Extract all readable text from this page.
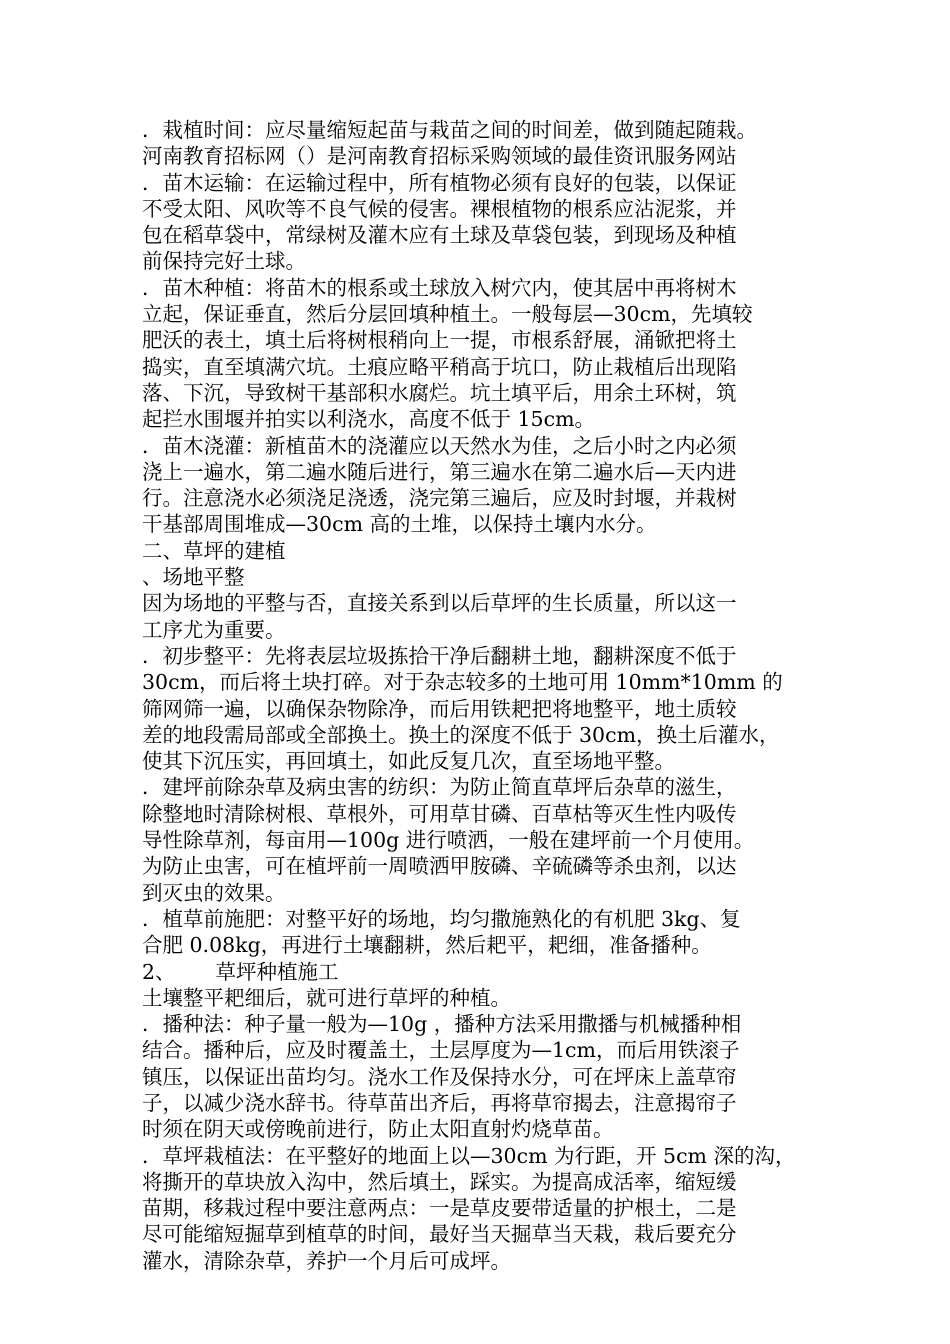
．栽植时间：应尽量缩短起苗与栽苗之间的时间差，做到随起随栽。
河南教育招标网（）是河南教育招标采购领域的最佳资讯服务网站
．苗木运输：在运输过程中，所有植物必须有良好的包装，以保证
不受太阳、风吹等不良气候的侵害。裸根植物的根系应沾泥浆，并
包在稻草袋中，常绿树及灌木应有土球及草袋包装，到现场及种植
前保持完好土球。
．苗木种植：将苗木的根系或土球放入树穴内，使其居中再将树木
立起，保证垂直，然后分层回填种植土。一般每层—30cm，先填较
肥沃的表土，填土后将树根稍向上一提，市根系舒展，涌锨把将土
捣实，直至填满穴坑。土痕应略平稍高于坑口，防止栽植后出现陷
落、下沉，导致树干基部积水腐烂。坑土填平后，用余土环树，筑
起拦水围堰并拍实以利浇水，高度不低于 15cm。
．苗木浇灌：新植苗木的浇灌应以天然水为佳，之后小时之内必须
浇上一遍水，第二遍水随后进行，第三遍水在第二遍水后—天内进
行。注意浇水必须浇足浇透，浇完第三遍后，应及时封堰，并栽树
干基部周围堆成—30cm 高的土堆，以保持土壤内水分。
二、草坪的建植
、场地平整
因为场地的平整与否，直接关系到以后草坪的生长质量，所以这一
工序尤为重要。
．初步整平：先将表层垃圾拣拾干净后翻耕土地，翻耕深度不低于
30cm，而后将土块打碎。对于杂志较多的土地可用 10mm*10mm 的
筛网筛一遍，以确保杂物除净，而后用铁耙把将地整平，地土质较
差的地段需局部或全部换土。换土的深度不低于 30cm，换土后灌水，
使其下沉压实，再回填土，如此反复几次，直至场地平整。
．建坪前除杂草及病虫害的纺织：为防止简直草坪后杂草的滋生，
除整地时清除树根、草根外，可用草甘磷、百草枯等灭生性内吸传
导性除草剂，每亩用—100g 进行喷洒，一般在建坪前一个月使用。
为防止虫害，可在植坪前一周喷洒甲胺磷、辛硫磷等杀虫剂，以达
到灭虫的效果。
．植草前施肥：对整平好的场地，均匀撒施熟化的有机肥 3kg、复
合肥 0.08kg，再进行土壤翻耕，然后耙平，耙细，准备播种。
2、 草坪种植施工
土壤整平耙细后，就可进行草坪的种植。
．播种法：种子量一般为—10g ，播种方法采用撒播与机械播种相
结合。播种后，应及时覆盖土，土层厚度为—1cm，而后用铁滚子
镇压，以保证出苗均匀。浇水工作及保持水分，可在坪床上盖草帘
子，以减少浇水辞书。待草苗出齐后，再将草帘揭去，注意揭帘子
时须在阴天或傍晚前进行，防止太阳直射灼烧草苗。
．草坪栽植法：在平整好的地面上以—30cm 为行距，开 5cm 深的沟，
将撕开的草块放入沟中，然后填土，踩实。为提高成活率，缩短缓
苗期，移栽过程中要注意两点：一是草皮要带适量的护根土，二是
尽可能缩短掘草到植草的时间，最好当天掘草当天栽，栽后要充分
灌水，清除杂草，养护一个月后可成坪。
